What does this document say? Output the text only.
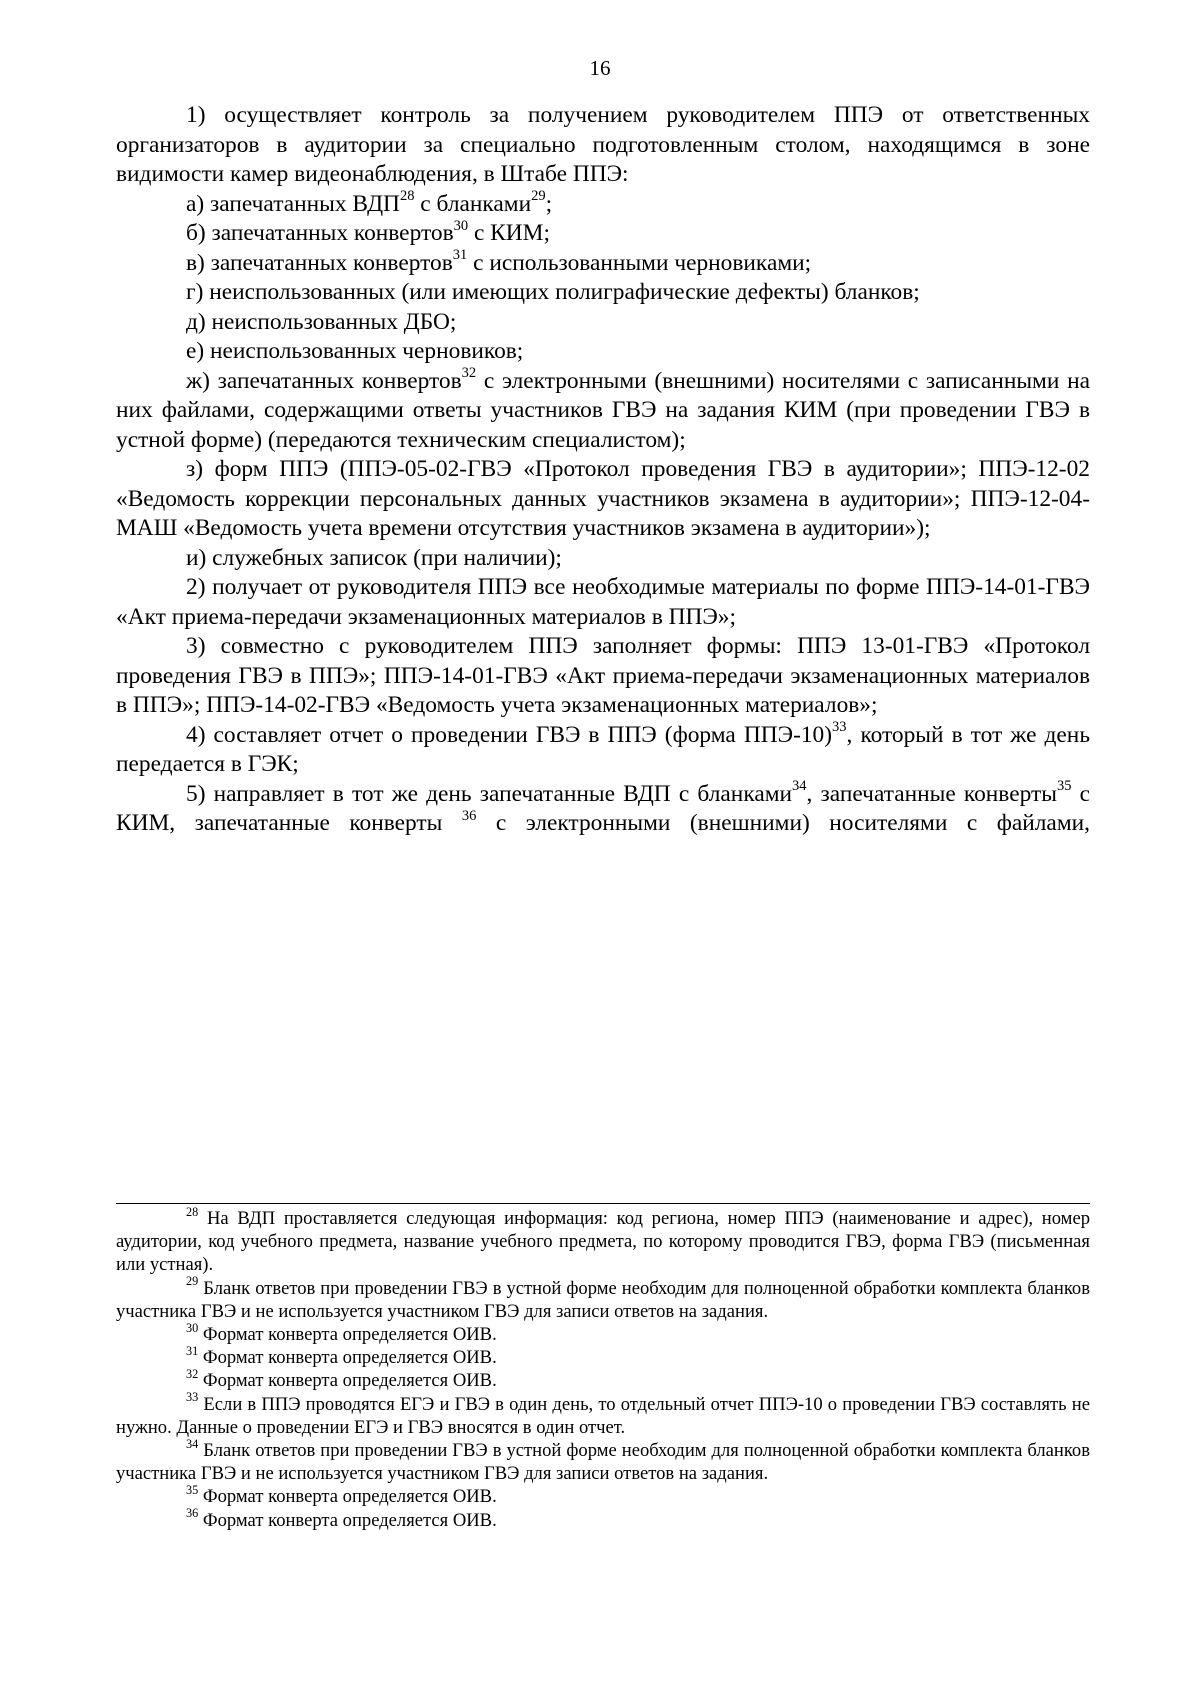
16

1) осуществляет контроль за получением руководителем ППЭ от ответственных организаторов в аудитории за специально подготовленным столом, находящимся в зоне видимости камер видеонаблюдения, в Штабе ППЭ:

а) запечатанных ВДП$^{28}$ с бланками$^{29}$;

б) запечатанных конвертов$^{30}$ с КИМ;

в) запечатанных конвертов$^{31}$ с использованными черновиками;

г) неиспользованных (или имеющих полиграфические дефекты) бланков;

д) неиспользованных ДБО;

е) неиспользованных черновиков;

ж) запечатанных конвертов$^{32}$ с электронными (внешними) носителями с записанными на них файлами, содержащими ответы участников ГВЭ на задания КИМ (при проведении ГВЭ в устной форме) (передаются техническим специалистом);

з) форм ППЭ (ППЭ-05-02-ГВЭ «Протокол проведения ГВЭ в аудитории»; ППЭ-12-02 «Ведомость коррекции персональных данных участников экзамена в аудитории»; ППЭ-12-04-МАШ «Ведомость учета времени отсутствия участников экзамена в аудитории»);

и) служебных записок (при наличии);

2) получает от руководителя ППЭ все необходимые материалы по форме ППЭ-14-01-ГВЭ «Акт приема-передачи экзаменационных материалов в ППЭ»;

3) совместно с руководителем ППЭ заполняет формы: ППЭ 13-01-ГВЭ «Протокол проведения ГВЭ в ППЭ»; ППЭ-14-01-ГВЭ «Акт приема-передачи экзаменационных материалов в ППЭ»; ППЭ-14-02-ГВЭ «Ведомость учета экзаменационных материалов»;

4) составляет отчет о проведении ГВЭ в ППЭ (форма ППЭ-10)$^{33}$, который в тот же день передается в ГЭК;

5) направляет в тот же день запечатанные ВДП с бланками$^{34}$, запечатанные конверты$^{35}$ с КИМ, запечатанные конверты $^{36}$ с электронными (внешними) носителями с файлами,

$^{28}$ На ВДП проставляется следующая информация: код региона, номер ППЭ (наименование и адрес), номер аудитории, код учебного предмета, название учебного предмета, по которому проводится ГВЭ, форма ГВЭ (письменная или устная).

$^{29}$ Бланк ответов при проведении ГВЭ в устной форме необходим для полноценной обработки комплекта бланков участника ГВЭ и не используется участником ГВЭ для записи ответов на задания.

$^{30}$ Формат конверта определяется ОИВ.

$^{31}$ Формат конверта определяется ОИВ.

$^{32}$ Формат конверта определяется ОИВ.

$^{33}$ Если в ППЭ проводятся ЕГЭ и ГВЭ в один день, то отдельный отчет ППЭ-10 о проведении ГВЭ составлять не нужно. Данные о проведении ЕГЭ и ГВЭ вносятся в один отчет.

$^{34}$ Бланк ответов при проведении ГВЭ в устной форме необходим для полноценной обработки комплекта бланков участника ГВЭ и не используется участником ГВЭ для записи ответов на задания.

$^{35}$ Формат конверта определяется ОИВ.

$^{36}$ Формат конверта определяется ОИВ.
